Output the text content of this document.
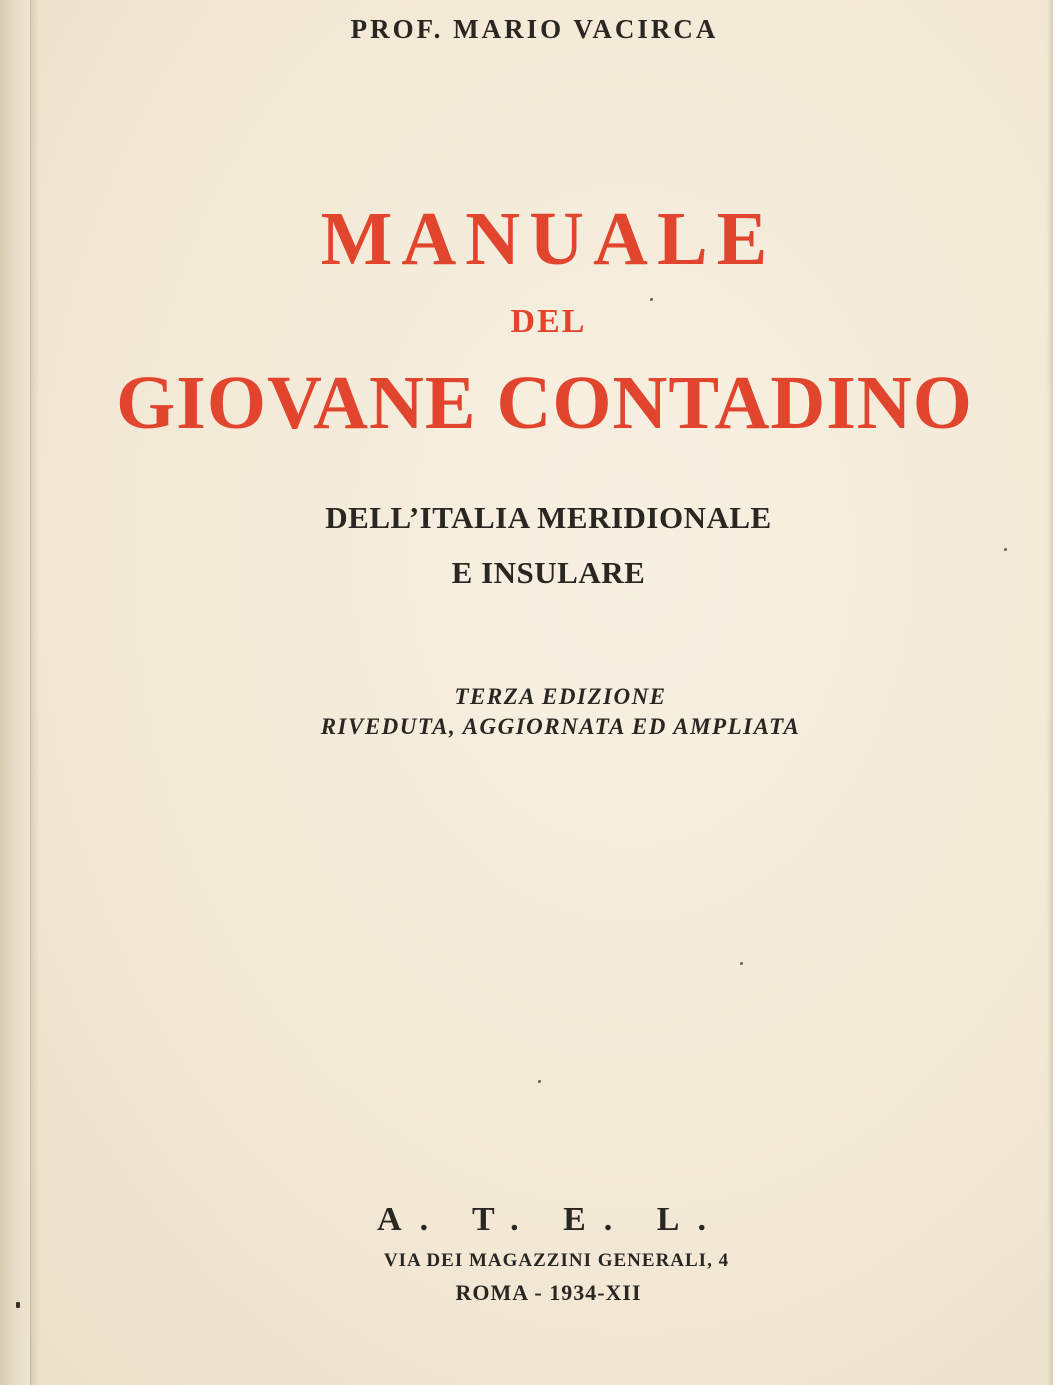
PROF. MARIO VACIRCA

MANUALE

DEL

GIOVANE CONTADINO

DELL’ITALIA MERIDIONALE

E INSULARE

TERZA EDIZIONE

RIVEDUTA, AGGIORNATA ED AMPLIATA

A. T. E. L.

VIA DEI MAGAZZINI GENERALI, 4

ROMA - 1934-XII
